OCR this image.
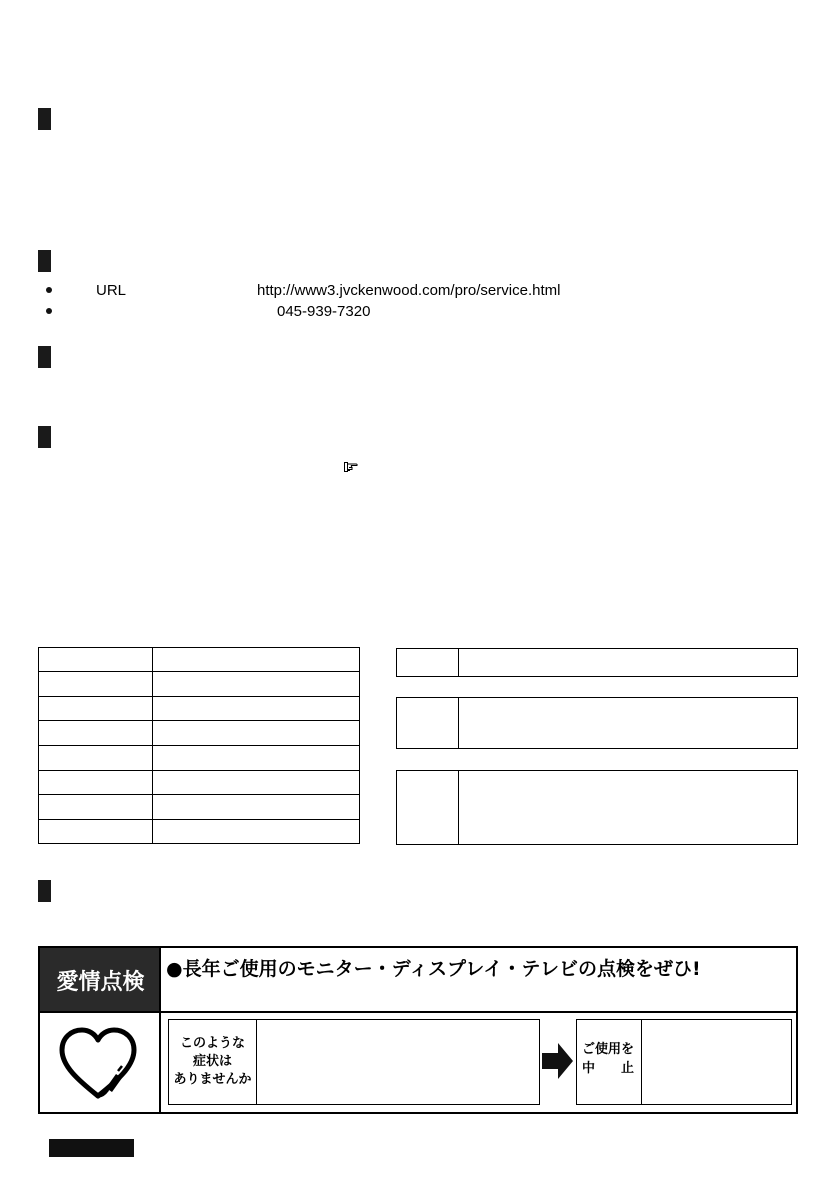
URL	http://www3.jvckenwood.com/pro/service.html
045-939-7320

愛情点検
●長年ご使用のモニター・ディスプレイ・テレビの点検をぜひ!
このような
症状は
ありませんか
ご使用を
中　　止
